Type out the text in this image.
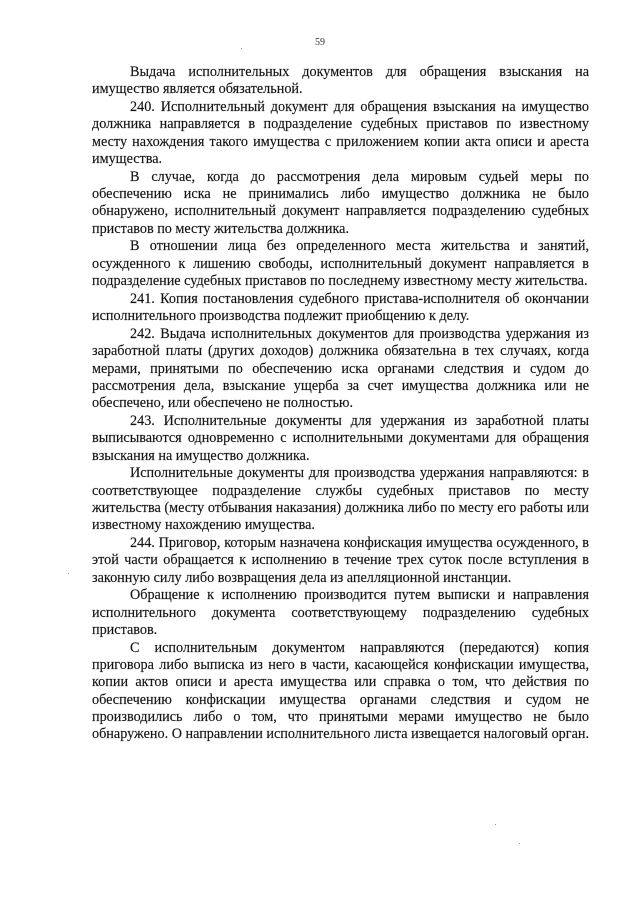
59

Выдача исполнительных документов для обращения взыскания на имущество является обязательной.

240. Исполнительный документ для обращения взыскания на имущество должника направляется в подразделение судебных приставов по известному месту нахождения такого имущества с приложением копии акта описи и ареста имущества.

В случае, когда до рассмотрения дела мировым судьей меры по обеспечению иска не принимались либо имущество должника не было обнаружено, исполнительный документ направляется подразделению судебных приставов по месту жительства должника.

В отношении лица без определенного места жительства и занятий, осужденного к лишению свободы, исполнительный документ направляется в подразделение судебных приставов по последнему известному месту жительства.

241. Копия постановления судебного пристава-исполнителя об окончании исполнительного производства подлежит приобщению к делу.

242. Выдача исполнительных документов для производства удержания из заработной платы (других доходов) должника обязательна в тех случаях, когда мерами, принятыми по обеспечению иска органами следствия и судом до рассмотрения дела, взыскание ущерба за счет имущества должника или не обеспечено, или обеспечено не полностью.

243. Исполнительные документы для удержания из заработной платы выписываются одновременно с исполнительными документами для обращения взыскания на имущество должника.

Исполнительные документы для производства удержания направляются: в соответствующее подразделение службы судебных приставов по месту жительства (месту отбывания наказания) должника либо по месту его работы или известному нахождению имущества.

244. Приговор, которым назначена конфискация имущества осужденного, в этой части обращается к исполнению в течение трех суток после вступления в законную силу либо возвращения дела из апелляционной инстанции.

Обращение к исполнению производится путем выписки и направления исполнительного документа соответствующему подразделению судебных приставов.

С исполнительным документом направляются (передаются) копия приговора либо выписка из него в части, касающейся конфискации имущества, копии актов описи и ареста имущества или справка о том, что действия по обеспечению конфискации имущества органами следствия и судом не производились либо о том, что принятыми мерами имущество не было обнаружено. О направлении исполнительного листа извещается налоговый орган.
